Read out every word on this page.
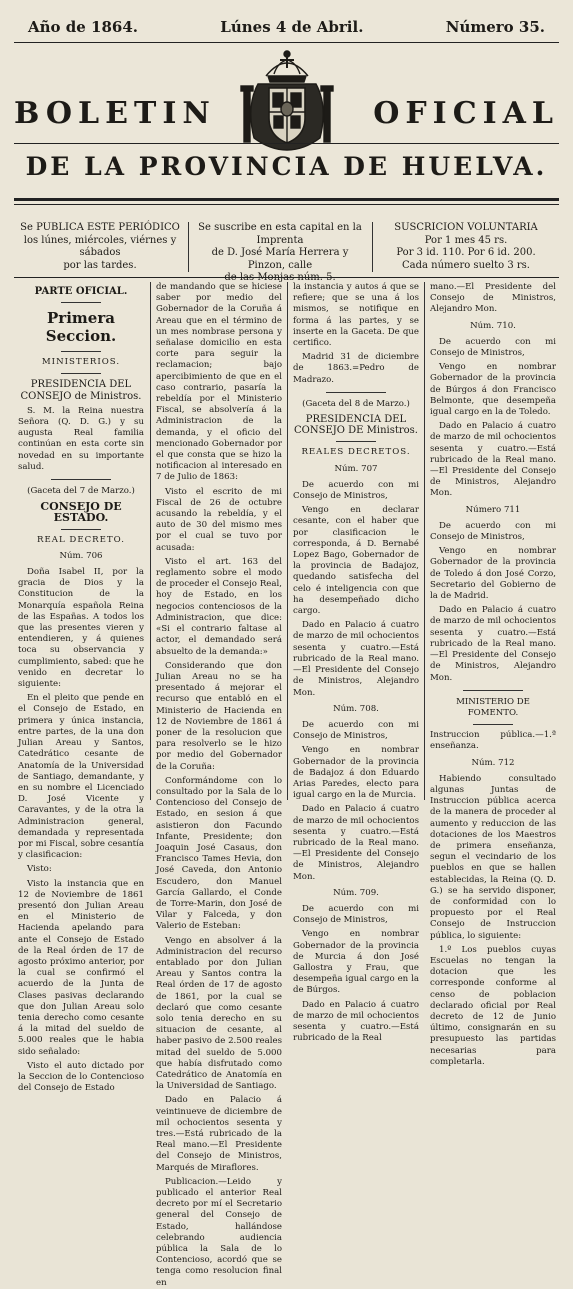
Año de 1864.	Lúnes 4 de Abril.	Número 35.
BOLETIN	OFICIAL
DE LA PROVINCIA DE HUELVA.

Se PUBLICA ESTE PERIÓDICO

los lúnes, miércoles, viérnes y sábados

por las tardes.

Se suscribe en esta capital en la Imprenta

de D. José María Herrera y Pinzon, calle

de las Monjas núm. 5.

SUSCRICION VOLUNTARIA

Por 1 mes 45 rs.

Por 3 id. 110. Por 6 id. 200.

Cada número suelto 3 rs.

PARTE OFICIAL.

Primera Seccion.

MINISTERIOS.

PRESIDENCIA DEL CONSEJO de Ministros.

S. M. la Reina nuestra Señora (Q. D. G.) y su augusta Real familia continúan en esta corte sin novedad en su importante salud.

(Gaceta del 7 de Marzo.)

CONSEJO DE ESTADO.

REAL DECRETO.

Núm. 706

Doña Isabel II, por la gracia de Dios y la Constitucion de la Monarquía española Reina de las Españas. A todos los que las presentes vieren y entendieren, y á quienes toca su observancia y cumplimiento, sabed: que he venido en decretar lo siguiente:

En el pleito que pende en el Consejo de Estado, en primera y única instancia, entre partes, de la una don Julian Areau y Santos, Catedrático cesante de Anatomía de la Universidad de Santiago, demandante, y en su nombre el Licenciado D. José Vicente y Caravantes, y de la otra la Administracion general, demandada y representada por mi Fiscal, sobre cesantía y clasificacion:

Visto:

Visto la instancia que en 12 de Noviembre de 1861 presentó don Julian Areau en el Ministerio de Hacienda apelando para ante el Consejo de Estado de la Real órden de 17 de agosto próximo anterior, por la cual se confirmó el acuerdo de la Junta de Clases pasivas declarando que don Julian Areau solo tenia derecho como cesante á la mitad del sueldo de 5.000 reales que le habia sido señalado:

Visto el auto dictado por la Seccion de lo Contencioso del Consejo de Estado

de mandando que se hiciese saber por medio del Gobernador de la Coruña á Areau que en el término de un mes nombrase persona y señalase domicilio en esta corte para seguir la reclamacion; bajo apercibimiento de que en el caso contrario, pasaría la rebeldía por el Ministerio Fiscal, se absolvería á la Administracion de la demanda, y el oficio del mencionado Gobernador por el que consta que se hizo la notificacion al interesado en 7 de Julio de 1863:

Visto el escrito de mi Fiscal de 26 de octubre acusando la rebeldía, y el auto de 30 del mismo mes por el cual se tuvo por acusada:

Visto el art. 163 del reglamento sobre el modo de proceder el Consejo Real, hoy de Estado, en los negocios contenciosos de la Administracion, que dice: «Si el contrario faltase al actor, el demandado será absuelto de la demanda:»

Considerando que don Julian Areau no se ha presentado á mejorar el recurso que entabló en el Ministerio de Hacienda en 12 de Noviembre de 1861 á poner de la resolucion que para resolverlo se le hizo por medio del Gobernador de la Coruña:

Conformándome con lo consultado por la Sala de lo Contencioso del Consejo de Estado, en sesion á que asistieron don Facundo Infante, Presidente; don Joaquin José Casaus, don Francisco Tames Hevia, don José Caveda, don Antonio Escudero, don Manuel García Gallardo, el Conde de Torre-Marin, don José de Vilar y Falceda, y don Valerio de Esteban:

Vengo en absolver á la Administracion del recurso entablado por don Julian Areau y Santos contra la Real órden de 17 de agosto de 1861, por la cual se declaró que como cesante solo tenia derecho en su situacion de cesante, al haber pasivo de 2.500 reales mitad del sueldo de 5.000 que había disfrutado como Catedrático de Anatomía en la Universidad de Santiago.

Dado en Palacio á veintinueve de diciembre de mil ochocientos sesenta y tres.—Está rubricado de la Real mano.—El Presidente del Consejo de Ministros, Marqués de Miraflores.

Publicacion.—Leido y publicado el anterior Real decreto por mí el Secretario general del Consejo de Estado, hallándose celebrando audiencia pública la Sala de lo Contencioso, acordó que se tenga como resolucion final en

la instancia y autos á que se refiere; que se una á los mismos, se notifique en forma á las partes, y se inserte en la Gaceta. De que certifico.

Madrid 31 de diciembre de 1863.=Pedro de Madrazo.

(Gaceta del 8 de Marzo.)

PRESIDENCIA DEL CONSEJO DE Ministros.

REALES DECRETOS.

Núm. 707

De acuerdo con mi Consejo de Ministros,

Vengo en declarar cesante, con el haber que por clasificacion le corresponda, á D. Bernabé Lopez Bago, Gobernador de la provincia de Badajoz, quedando satisfecha del celo é inteligencia con que ha desempeñado dicho cargo.

Dado en Palacio á cuatro de marzo de mil ochocientos sesenta y cuatro.—Está rubricado de la Real mano.—El Presidente del Consejo de Ministros, Alejandro Mon.

Núm. 708.

De acuerdo con mi Consejo de Ministros,

Vengo en nombrar Gobernador de la provincia de Badajoz á don Eduardo Arias Paredes, electo para igual cargo en la de Murcia.

Dado en Palacio á cuatro de marzo de mil ochocientos sesenta y cuatro.—Está rubricado de la Real mano.—El Presidente del Consejo de Ministros, Alejandro Mon.

Núm. 709.

De acuerdo con mi Consejo de Ministros,

Vengo en nombrar Gobernador de la provincia de Murcia á don José Gallostra y Frau, que desempeña igual cargo en la de Búrgos.

Dado en Palacio á cuatro de marzo de mil ochocientos sesenta y cuatro.—Está rubricado de la Real

mano.—El Presidente del Consejo de Ministros, Alejandro Mon.

Núm. 710.

De acuerdo con mi Consejo de Ministros,

Vengo en nombrar Gobernador de la provincia de Búrgos á don Francisco Belmonte, que desempeña igual cargo en la de Toledo.

Dado en Palacio á cuatro de marzo de mil ochocientos sesenta y cuatro.—Está rubricado de la Real mano.—El Presidente del Consejo de Ministros, Alejandro Mon.

Número 711

De acuerdo con mi Consejo de Ministros,

Vengo en nombrar Gobernador de la provincia de Toledo á don José Corzo, Secretario del Gobierno de la de Madrid.

Dado en Palacio á cuatro de marzo de mil ochocientos sesenta y cuatro.—Está rubricado de la Real mano.—El Presidente del Consejo de Ministros, Alejandro Mon.

MINISTERIO DE FOMENTO.

Instruccion pública.—1.ª enseñanza.

Núm. 712

Habiendo consultado algunas Juntas de Instruccion pública acerca de la manera de proceder al aumento y reduccion de las dotaciones de los Maestros de primera enseñanza, segun el vecindario de los pueblos en que se hallen establecidas, la Reina (Q. D. G.) se ha servido disponer, de conformidad con lo propuesto por el Real Consejo de Instruccion pública, lo siguiente:

1.º Los pueblos cuyas Escuelas no tengan la dotacion que les corresponde conforme al censo de poblacion declarado oficial por Real decreto de 12 de Junio último, consignarán en su presupuesto las partidas necesarias para completarla.
